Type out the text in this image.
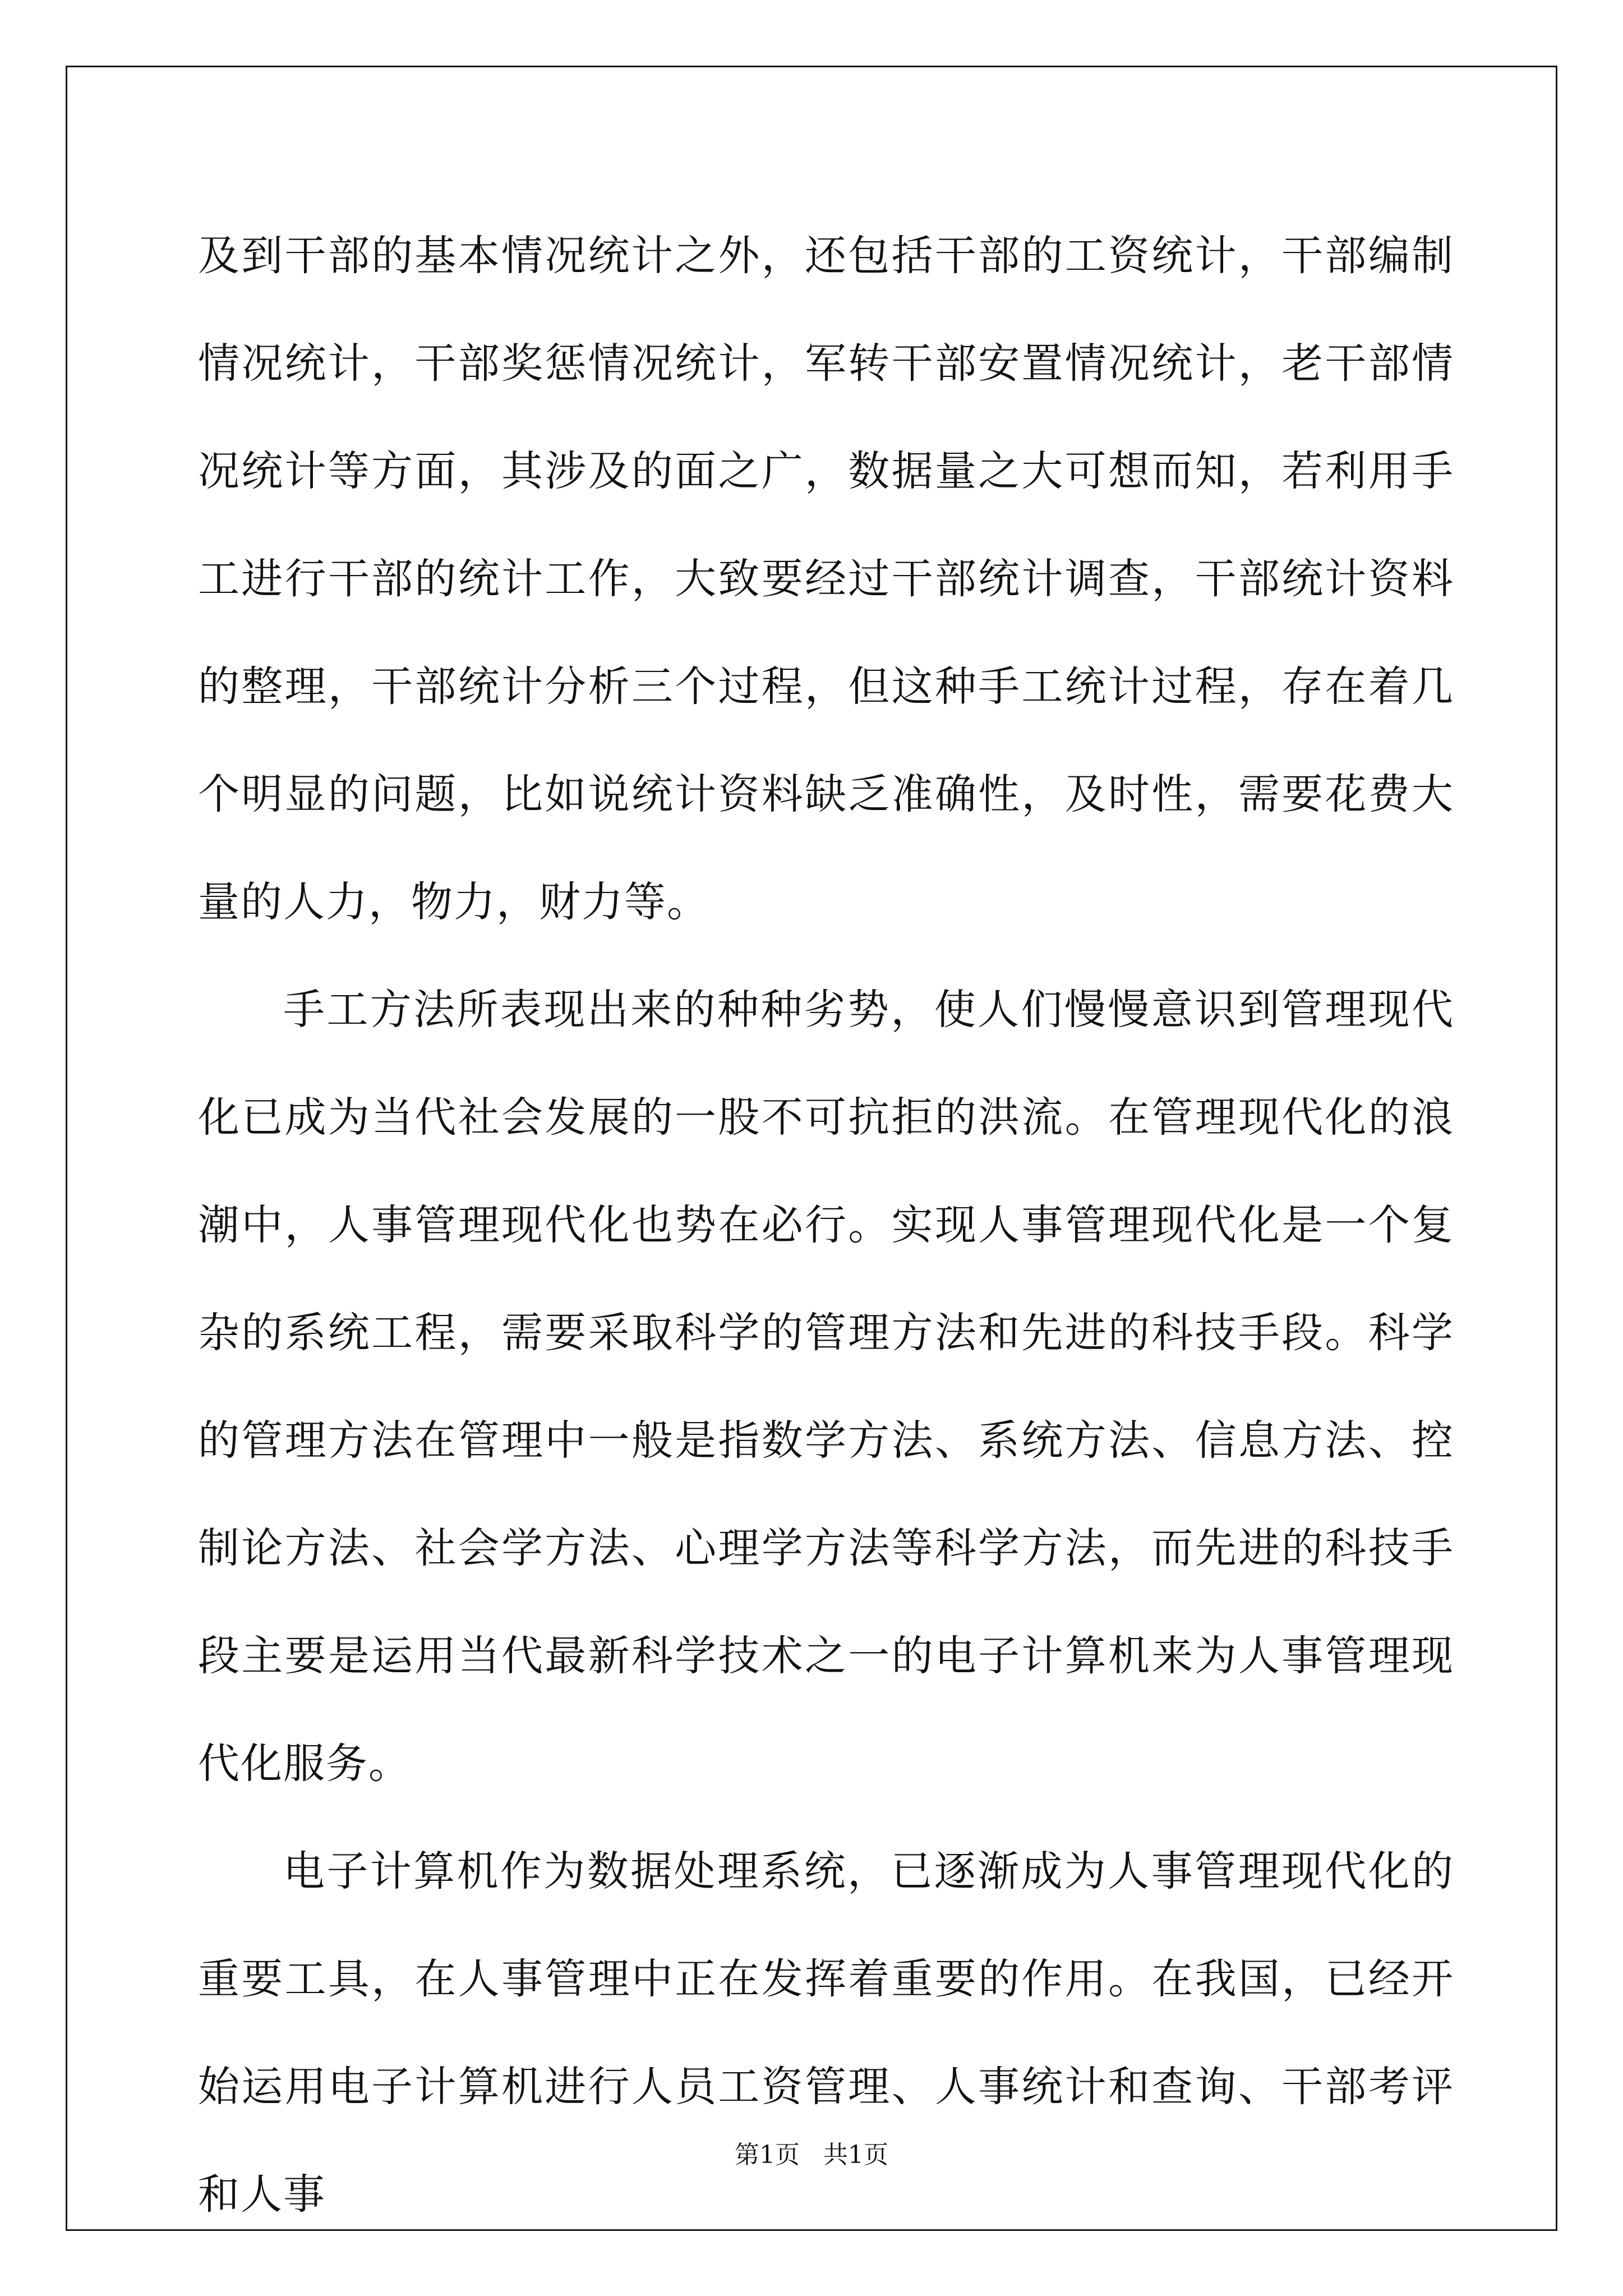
及到干部的基本情况统计之外，还包括干部的工资统计，干部编制情况统计，干部奖惩情况统计，军转干部安置情况统计，老干部情况统计等方面，其涉及的面之广，数据量之大可想而知，若利用手工进行干部的统计工作，大致要经过干部统计调查，干部统计资料的整理，干部统计分析三个过程，但这种手工统计过程，存在着几个明显的问题，比如说统计资料缺乏准确性，及时性，需要花费大量的人力，物力，财力等。

手工方法所表现出来的种种劣势，使人们慢慢意识到管理现代化已成为当代社会发展的一股不可抗拒的洪流。在管理现代化的浪潮中，人事管理现代化也势在必行。实现人事管理现代化是一个复杂的系统工程，需要采取科学的管理方法和先进的科技手段。科学的管理方法在管理中一般是指数学方法、系统方法、信息方法、控制论方法、社会学方法、心理学方法等科学方法，而先进的科技手段主要是运用当代最新科学技术之一的电子计算机来为人事管理现代化服务。

电子计算机作为数据处理系统，已逐渐成为人事管理现代化的重要工具，在人事管理中正在发挥着重要的作用。在我国，已经开始运用电子计算机进行人员工资管理、人事统计和查询、干部考评和人事

第1页   共1页
